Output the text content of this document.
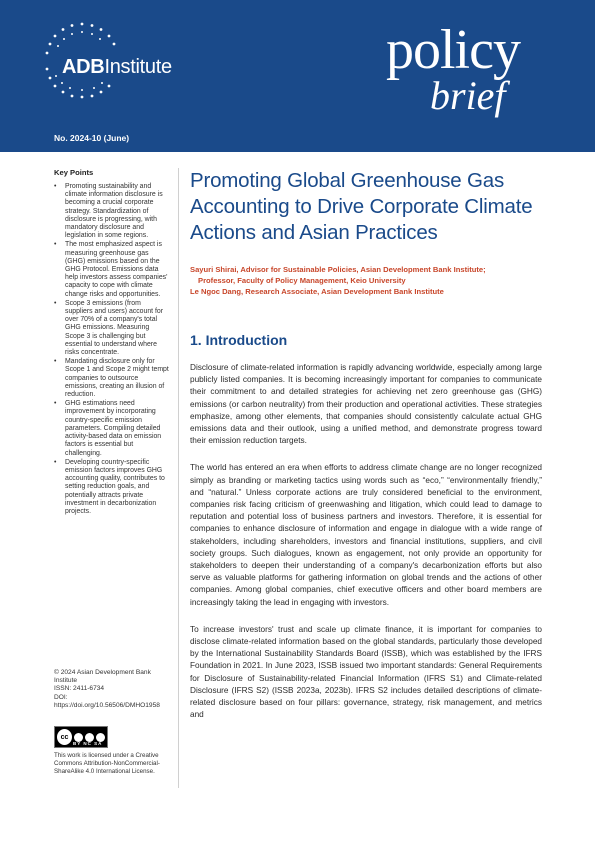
ADBInstitute	policy
brief
No. 2024-10 (June)
Key Points
• Promoting sustainability and climate information disclosure is becoming a crucial corporate strategy. Standardization of disclosure is progressing, with mandatory disclosure and legislation in some regions.
• The most emphasized aspect is measuring greenhouse gas (GHG) emissions based on the GHG Protocol. Emissions data help investors assess companies' capacity to cope with climate change risks and opportunities.
• Scope 3 emissions (from suppliers and users) account for over 70% of a company's total GHG emissions. Measuring Scope 3 is challenging but essential to understand where risks concentrate.
• Mandating disclosure only for Scope 1 and Scope 2 might tempt companies to outsource emissions, creating an illusion of reduction.
• GHG estimations need improvement by incorporating country-specific emission parameters. Compiling detailed activity-based data on emission factors is essential but challenging.
• Developing country-specific emission factors improves GHG accounting quality, contributes to setting reduction goals, and potentially attracts private investment in decarbonization projects.
© 2024 Asian Development Bank Institute
ISSN: 2411-6734
DOI: https://doi.org/10.56506/DMHO1958
cc
BY NC SA
This work is licensed under a Creative Commons Attribution-NonCommercial-ShareAlike 4.0 International License.
Promoting Global Greenhouse Gas Accounting to Drive Corporate Climate Actions and Asian Practices
Sayuri Shirai, Advisor for Sustainable Policies, Asian Development Bank Institute;
Professor, Faculty of Policy Management, Keio University
Le Ngoc Dang, Research Associate, Asian Development Bank Institute
1. Introduction

Disclosure of climate-related information is rapidly advancing worldwide, especially among large publicly listed companies. It is becoming increasingly important for companies to communicate their commitment to and detailed strategies for achieving net zero greenhouse gas (GHG) emissions (or carbon neutrality) from their production and operational activities. These strategies emphasize, among other elements, that companies should consistently calculate actual GHG emissions data and their outlook, using a unified method, and demonstrate progress toward their emission reduction targets.

The world has entered an era when efforts to address climate change are no longer recognized simply as branding or marketing tactics using words such as “eco,” “environmentally friendly,” and “natural.” Unless corporate actions are truly considered beneficial to the environment, companies risk facing criticism of greenwashing and litigation, which could lead to damage to reputation and potential loss of business partners and investors. Therefore, it is essential for companies to enhance disclosure of information and engage in dialogue with a wide range of stakeholders, including shareholders, investors and financial institutions, suppliers, and civil society groups. Such dialogues, known as engagement, not only provide an opportunity for stakeholders to deepen their understanding of a company's decarbonization efforts but also serve as valuable platforms for gathering information on global trends and the actions of other companies. Among global companies, chief executive officers and other board members are increasingly taking the lead in engaging with investors.

To increase investors' trust and scale up climate finance, it is important for companies to disclose climate-related information based on the global standards, particularly those developed by the International Sustainability Standards Board (ISSB), which was established by the IFRS Foundation in 2021. In June 2023, ISSB issued two important standards: General Requirements for Disclosure of Sustainability-related Financial Information (IFRS S1) and Climate-related Disclosure (IFRS S2) (ISSB 2023a, 2023b). IFRS S2 includes detailed descriptions of climate-related disclosure based on four pillars: governance, strategy, risk management, and metrics and
